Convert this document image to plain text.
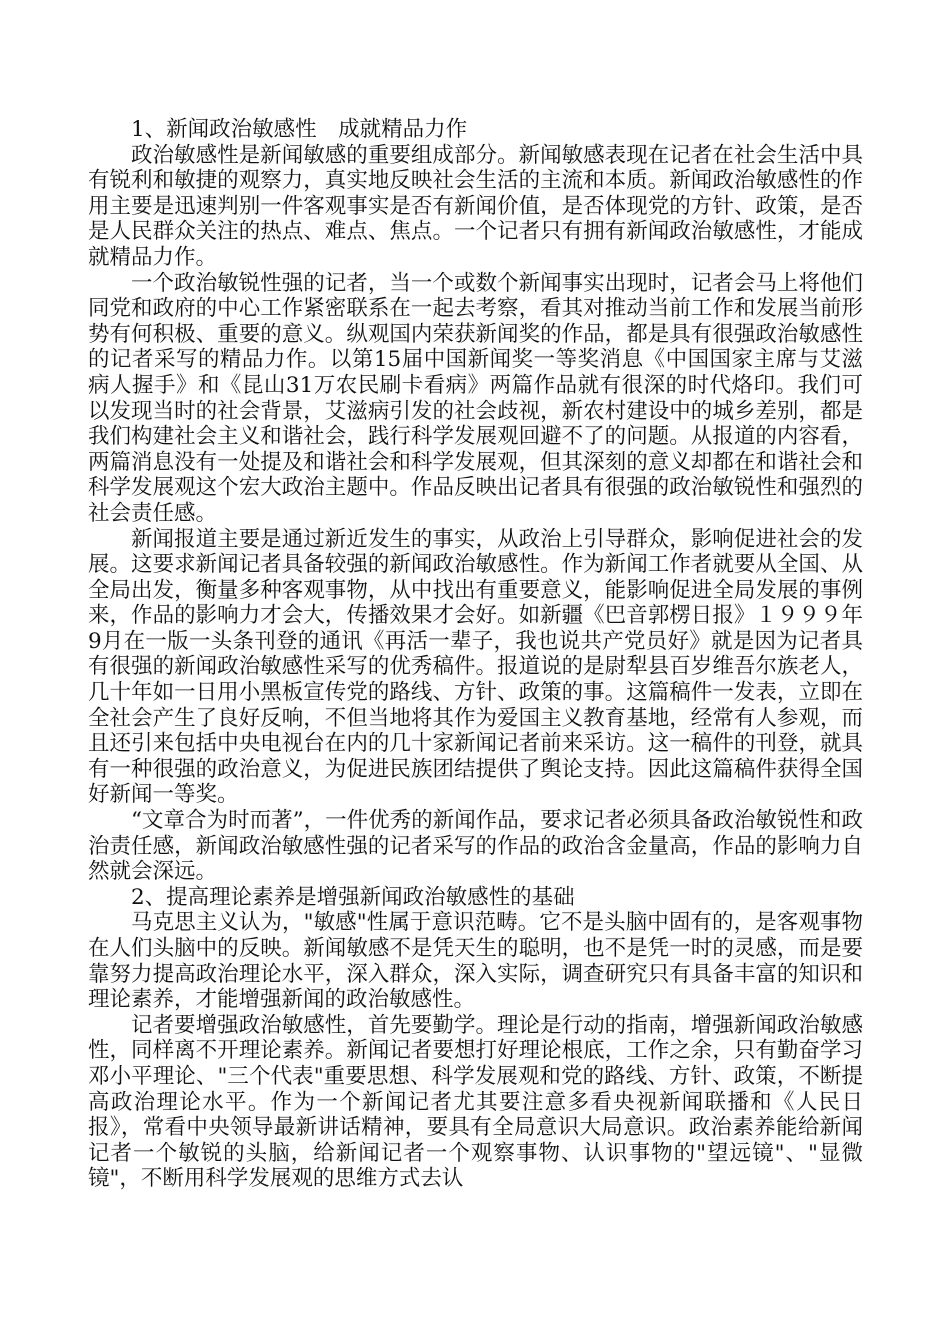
1、新闻政治敏感性　成就精品力作

政治敏感性是新闻敏感的重要组成部分。新闻敏感表现在记者在社会生活中具有锐利和敏捷的观察力，真实地反映社会生活的主流和本质。新闻政治敏感性的作用主要是迅速判别一件客观事实是否有新闻价值，是否体现党的方针、政策，是否是人民群众关注的热点、难点、焦点。一个记者只有拥有新闻政治敏感性，才能成就精品力作。

一个政治敏锐性强的记者，当一个或数个新闻事实出现时，记者会马上将他们同党和政府的中心工作紧密联系在一起去考察，看其对推动当前工作和发展当前形势有何积极、重要的意义。纵观国内荣获新闻奖的作品，都是具有很强政治敏感性的记者采写的精品力作。以第15届中国新闻奖一等奖消息《中国国家主席与艾滋病人握手》和《昆山31万农民刷卡看病》两篇作品就有很深的时代烙印。我们可以发现当时的社会背景，艾滋病引发的社会歧视，新农村建设中的城乡差别，都是我们构建社会主义和谐社会，践行科学发展观回避不了的问题。从报道的内容看，两篇消息没有一处提及和谐社会和科学发展观，但其深刻的意义却都在和谐社会和科学发展观这个宏大政治主题中。作品反映出记者具有很强的政治敏锐性和强烈的社会责任感。

新闻报道主要是通过新近发生的事实，从政治上引导群众，影响促进社会的发展。这要求新闻记者具备较强的新闻政治敏感性。作为新闻工作者就要从全国、从全局出发，衡量多种客观事物，从中找出有重要意义，能影响促进全局发展的事例来，作品的影响力才会大，传播效果才会好。如新疆《巴音郭楞日报》１９９９年9月在一版一头条刊登的通讯《再活一辈子，我也说共产党员好》就是因为记者具有很强的新闻政治敏感性采写的优秀稿件。报道说的是尉犁县百岁维吾尔族老人，几十年如一日用小黑板宣传党的路线、方针、政策的事。这篇稿件一发表，立即在全社会产生了良好反响，不但当地将其作为爱国主义教育基地，经常有人参观，而且还引来包括中央电视台在内的几十家新闻记者前来采访。这一稿件的刊登，就具有一种很强的政治意义，为促进民族团结提供了舆论支持。因此这篇稿件获得全国好新闻一等奖。

“文章合为时而著”，一件优秀的新闻作品，要求记者必须具备政治敏锐性和政治责任感，新闻政治敏感性强的记者采写的作品的政治含金量高，作品的影响力自然就会深远。

2、提高理论素养是增强新闻政治敏感性的基础

马克思主义认为，"敏感"性属于意识范畴。它不是头脑中固有的，是客观事物在人们头脑中的反映。新闻敏感不是凭天生的聪明，也不是凭一时的灵感，而是要靠努力提高政治理论水平，深入群众，深入实际，调查研究只有具备丰富的知识和理论素养，才能增强新闻的政治敏感性。

记者要增强政治敏感性，首先要勤学。理论是行动的指南，增强新闻政治敏感性，同样离不开理论素养。新闻记者要想打好理论根底，工作之余，只有勤奋学习邓小平理论、"三个代表"重要思想、科学发展观和党的路线、方针、政策，不断提高政治理论水平。作为一个新闻记者尤其要注意多看央视新闻联播和《人民日报》，常看中央领导最新讲话精神，要具有全局意识大局意识。政治素养能给新闻记者一个敏锐的头脑，给新闻记者一个观察事物、认识事物的"望远镜"、"显微镜"，不断用科学发展观的思维方式去认
